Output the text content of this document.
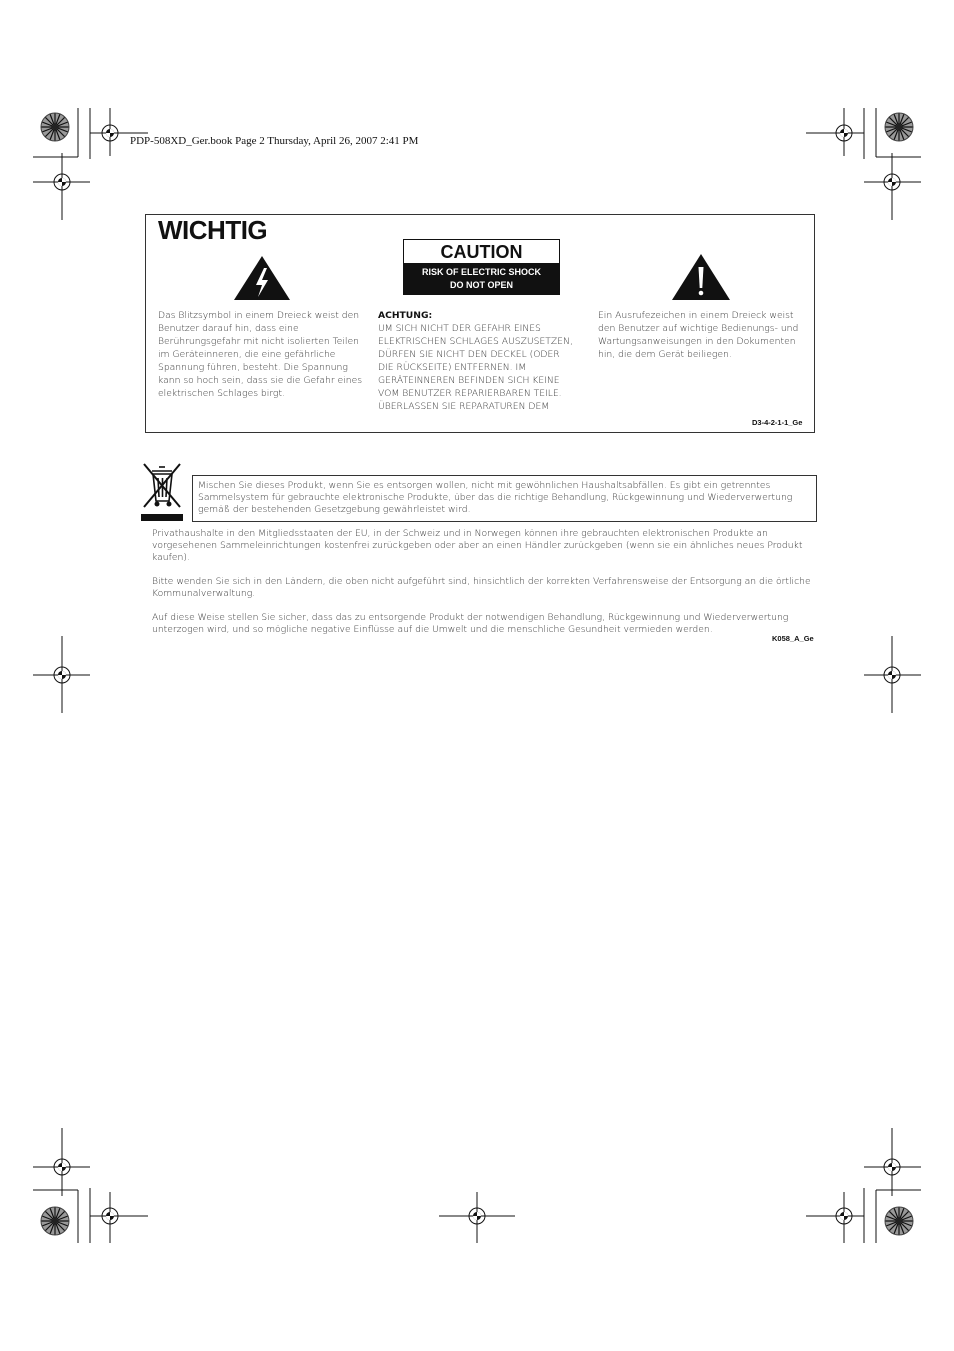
PDP-508XD_Ger.book Page 2 Thursday, April 26, 2007 2:41 PM
WICHTIG
CAUTION
RISK OF ELECTRIC SHOCK
DO NOT OPEN
Das Blitzsymbol in einem Dreieck weist den
Benutzer darauf hin, dass eine
Berührungsgefahr mit nicht isolierten Teilen
im Geräteinneren, die eine gefährliche
Spannung führen, besteht. Die Spannung
kann so hoch sein, dass sie die Gefahr eines
elektrischen Schlages birgt.
ACHTUNG:
UM SICH NICHT DER GEFAHR EINES
ELEKTRISCHEN SCHLAGES AUSZUSETZEN,
DÜRFEN SIE NICHT DEN DECKEL (ODER
DIE RÜCKSEITE) ENTFERNEN. IM
GERÄTEINNEREN BEFINDEN SICH KEINE
VOM BENUTZER REPARIERBAREN TEILE.
ÜBERLASSEN SIE REPARATUREN DEM
Ein Ausrufezeichen in einem Dreieck weist
den Benutzer auf wichtige Bedienungs- und
Wartungsanweisungen in den Dokumenten
hin, die dem Gerät beiliegen.
D3-4-2-1-1_Ge
Mischen Sie dieses Produkt, wenn Sie es entsorgen wollen, nicht mit gewöhnlichen Haushaltsabfällen. Es gibt ein getrenntes
Sammelsystem für gebrauchte elektronische Produkte, über das die richtige Behandlung, Rückgewinnung und Wiederverwertung
gemäß der bestehenden Gesetzgebung gewährleistet wird.
Privathaushalte in den Mitgliedsstaaten der EU, in der Schweiz und in Norwegen können ihre gebrauchten elektronischen Produkte an
vorgesehenen Sammeleinrichtungen kostenfrei zurückgeben oder aber an einen Händler zurückgeben (wenn sie ein ähnliches neues Produkt
kaufen).
Bitte wenden Sie sich in den Ländern, die oben nicht aufgeführt sind, hinsichtlich der korrekten Verfahrensweise der Entsorgung an die örtliche
Kommunalverwaltung.
Auf diese Weise stellen Sie sicher, dass das zu entsorgende Produkt der notwendigen Behandlung, Rückgewinnung und Wiederverwertung
unterzogen wird, und so mögliche negative Einflüsse auf die Umwelt und die menschliche Gesundheit vermieden werden.
K058_A_Ge
